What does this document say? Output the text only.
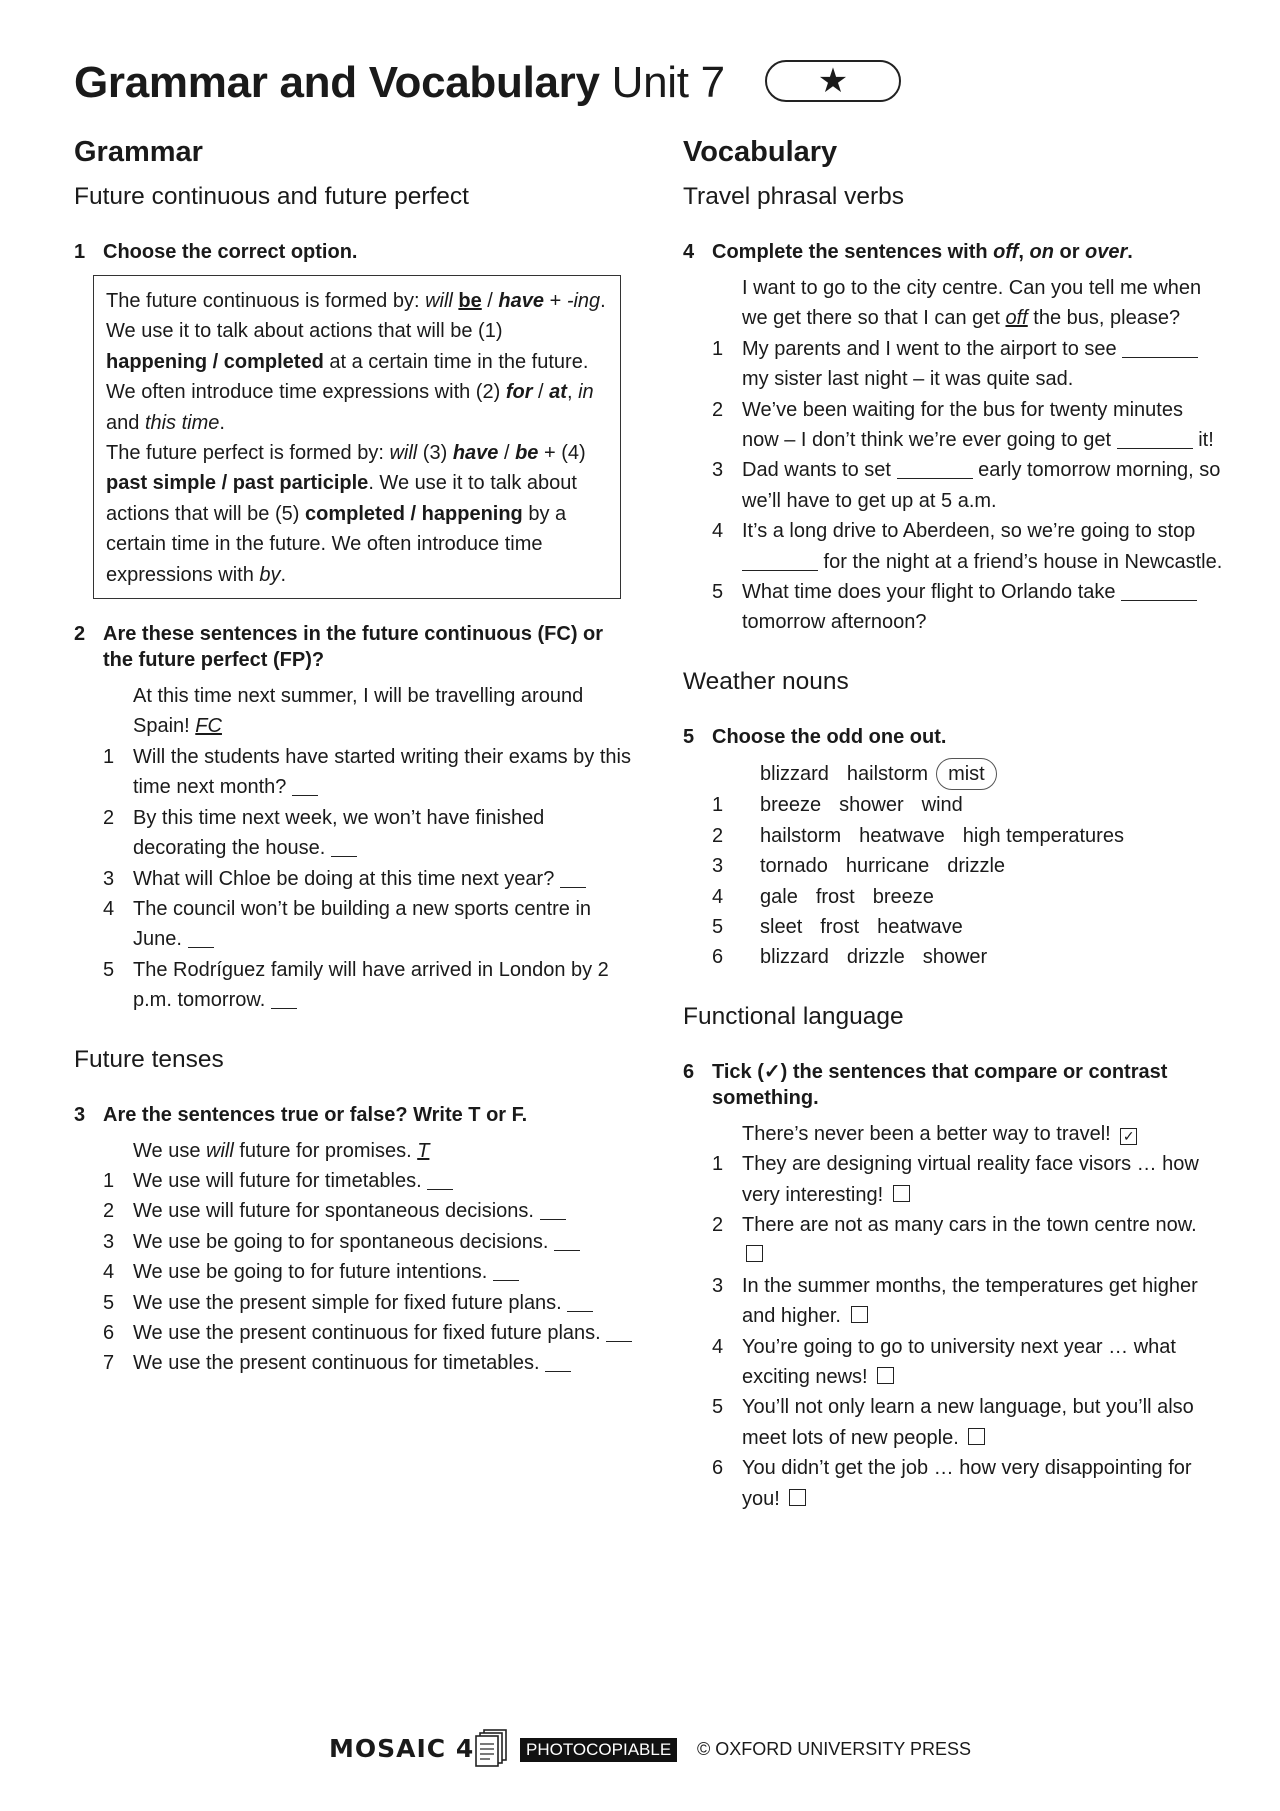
Grammar and Vocabulary Unit 7	★
Grammar
Future continuous and future perfect
1 Choose the correct option.
The future continuous is formed by: will be / have + -ing. We use it to talk about actions that will be (1) happening / completed at a certain time in the future. We often introduce time expressions with (2) for / at, in and this time.
The future perfect is formed by: will (3) have / be + (4) past simple / past participle. We use it to talk about actions that will be (5) completed / happening by a certain time in the future. We often introduce time expressions with by.
2 Are these sentences in the future continuous (FC) or the future perfect (FP)?
At this time next summer, I will be travelling around Spain! FC
1 Will the students have started writing their exams by this time next month?
2 By this time next week, we won’t have finished decorating the house.
3 What will Chloe be doing at this time next year?
4 The council won’t be building a new sports centre in June.
5 The Rodríguez family will have arrived in London by 2 p.m. tomorrow.
Future tenses
3 Are the sentences true or false? Write T or F.
We use will future for promises. T
1 We use will future for timetables.
2 We use will future for spontaneous decisions.
3 We use be going to for spontaneous decisions.
4 We use be going to for future intentions.
5 We use the present simple for fixed future plans.
6 We use the present continuous for fixed future plans.
7 We use the present continuous for timetables.
Vocabulary
Travel phrasal verbs
4 Complete the sentences with off, on or over.
I want to go to the city centre. Can you tell me when we get there so that I can get off the bus, please?
1 My parents and I went to the airport to see  my sister last night – it was quite sad.
2 We’ve been waiting for the bus for twenty minutes now – I don’t think we’re ever going to get	it!
3 Dad wants to set	early tomorrow morning, so we’ll have to get up at 5 a.m.
4 It’s a long drive to Aberdeen, so we’re going to stop  for the night at a friend’s house in Newcastle.
5 What time does your flight to Orlando take  tomorrow afternoon?
Weather nouns
5 Choose the odd one out.
blizzard hailstorm mist
1	breeze shower wind
2	hailstorm heatwave high temperatures
3	tornado hurricane drizzle
4	gale frost breeze
5	sleet frost heatwave
6	blizzard drizzle shower
Functional language
6 Tick (✓) the sentences that compare or contrast something.
There’s never been a better way to travel! ✓
1 They are designing virtual reality face visors … how very interesting!
2 There are not as many cars in the town centre now.
3 In the summer months, the temperatures get higher and higher.
4 You’re going to go to university next year … what exciting news!
5 You’ll not only learn a new language, but you’ll also meet lots of new people.
6 You didn’t get the job … how very disappointing for you!
MOSAIC 4	PHOTOCOPIABLE	© OXFORD UNIVERSITY PRESS
